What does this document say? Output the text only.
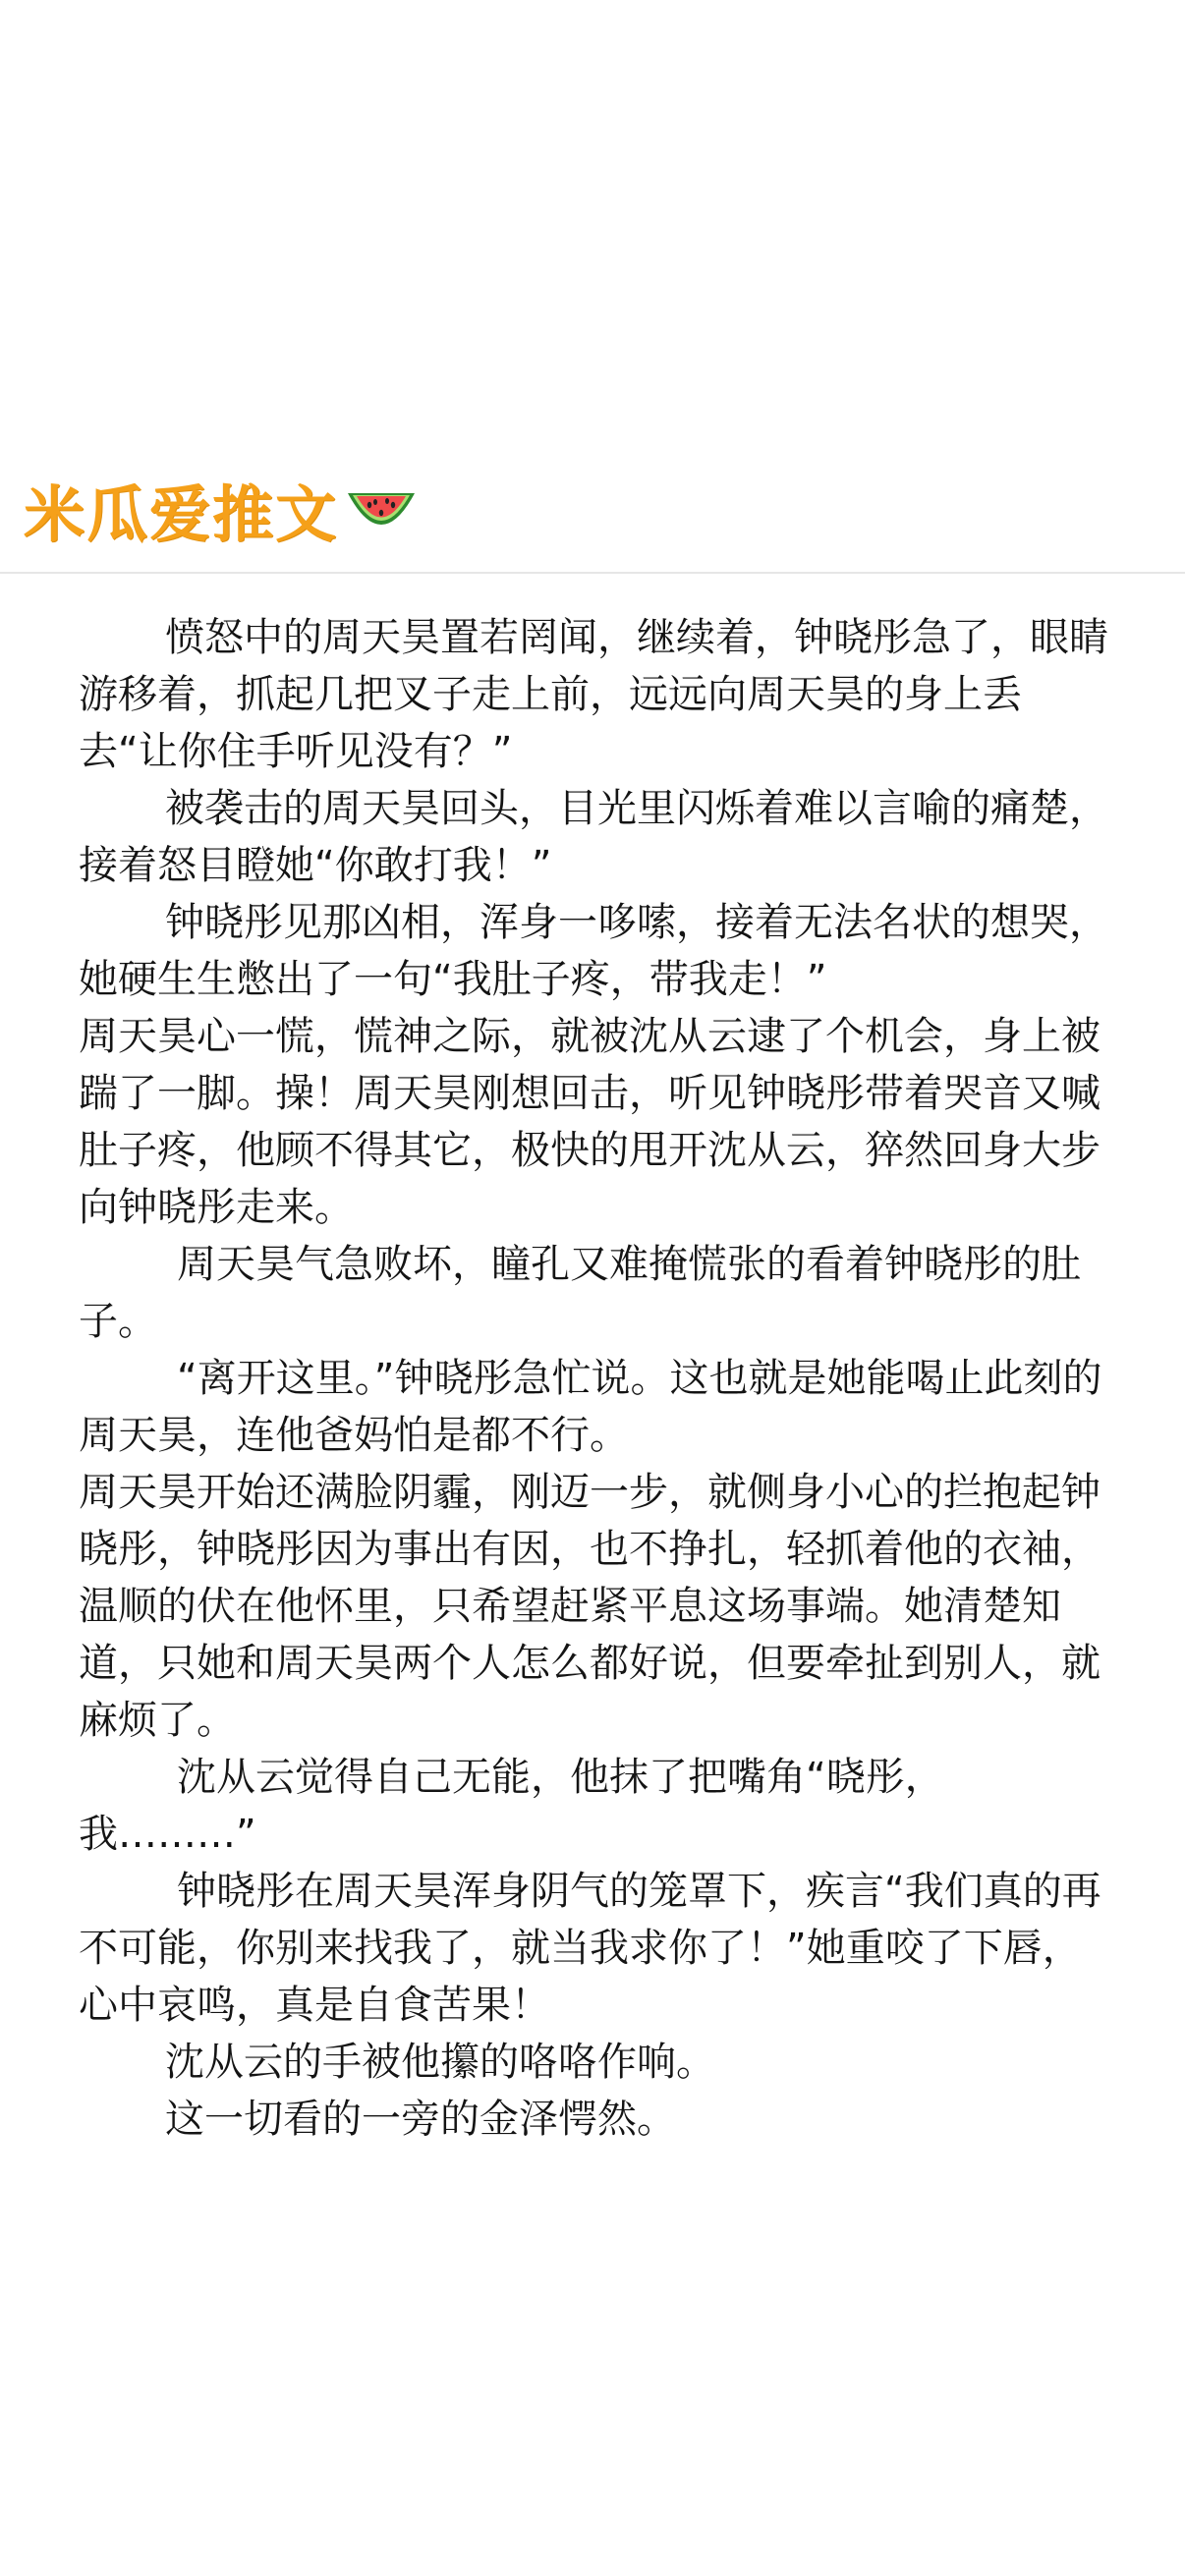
米瓜爱推文

愤怒中的周天昊置若罔闻，继续着，钟晓彤急了，眼睛游移着，抓起几把叉子走上前，远远向周天昊的身上丢去“让你住手听见没有？”

被袭击的周天昊回头，目光里闪烁着难以言喻的痛楚，接着怒目瞪她“你敢打我！”

钟晓彤见那凶相，浑身一哆嗦，接着无法名状的想哭，她硬生生憋出了一句“我肚子疼，带我走！”

周天昊心一慌，慌神之际，就被沈从云逮了个机会，身上被踹了一脚。操！周天昊刚想回击，听见钟晓彤带着哭音又喊肚子疼，他顾不得其它，极快的甩开沈从云，猝然回身大步向钟晓彤走来。

周天昊气急败坏，瞳孔又难掩慌张的看着钟晓彤的肚子。

“离开这里。”钟晓彤急忙说。这也就是她能喝止此刻的周天昊，连他爸妈怕是都不行。

周天昊开始还满脸阴霾，刚迈一步，就侧身小心的拦抱起钟晓彤，钟晓彤因为事出有因，也不挣扎，轻抓着他的衣袖，温顺的伏在他怀里，只希望赶紧平息这场事端。她清楚知道，只她和周天昊两个人怎么都好说，但要牵扯到别人，就麻烦了。

沈从云觉得自己无能，他抹了把嘴角“晓彤，我………”

钟晓彤在周天昊浑身阴气的笼罩下，疾言“我们真的再不可能，你别来找我了，就当我求你了！”她重咬了下唇，心中哀鸣，真是自食苦果！

沈从云的手被他攥的咯咯作响。

这一切看的一旁的金泽愕然。
